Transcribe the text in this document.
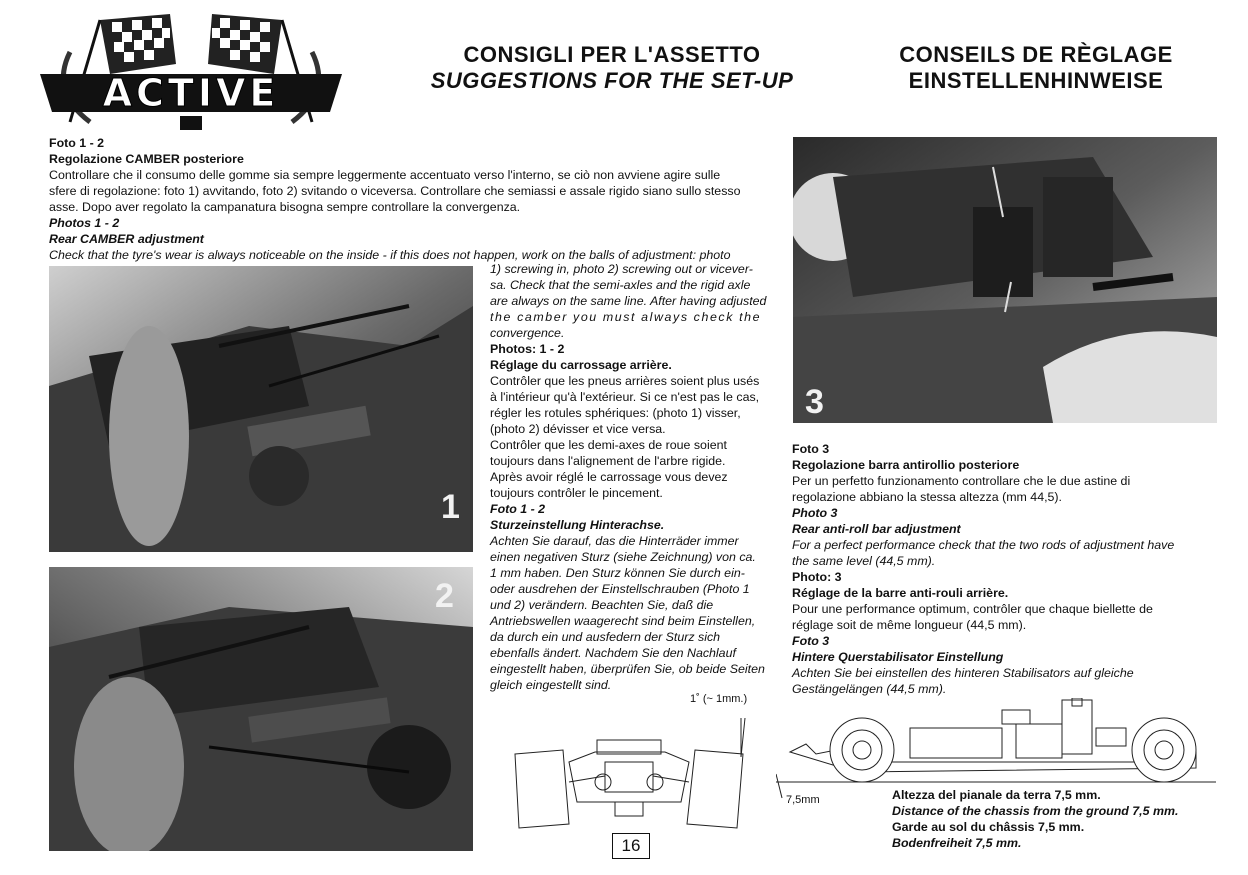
ACTIVE
CONSIGLI PER L'ASSETTO
SUGGESTIONS FOR THE SET-UP
CONSEILS DE RÈGLAGE
EINSTELLENHINWEISE

Foto 1 - 2

Regolazione CAMBER posteriore

Controllare che il consumo delle gomme sia sempre leggermente accentuato verso l'interno, se ciò non avviene agire sulle

sfere di regolazione: foto 1) avvitando, foto 2) svitando o viceversa. Controllare che semiassi e assale rigido siano sullo stesso

asse. Dopo aver regolato la campanatura bisogna sempre controllare la convergenza.

Photos 1 - 2

Rear CAMBER adjustment

Check that the tyre's wear is always noticeable on the inside - if this does not happen, work on the balls of adjustment: photo

1
2

1) screwing in, photo 2) screwing out or vicever-

sa. Check that the semi-axles and the rigid axle

are always on the same line. After having adjusted

the camber you must always check the

convergence.

Photos: 1 - 2

Réglage du carrossage arrière.

Contrôler que les pneus arrières soient plus usés

à l'intérieur qu'à l'extérieur. Si ce n'est pas le cas,

régler les rotules sphériques: (photo 1) visser,

(photo 2) dévisser et vice versa.

Contrôler que les demi-axes de roue soient

toujours dans l'alignement de l'arbre rigide.

Après avoir réglé le carrossage vous devez

toujours contrôler le pincement.

Foto 1 - 2

Sturzeinstellung Hinterachse.

Achten Sie darauf, das die Hinterräder immer

einen negativen Sturz (siehe Zeichnung) von ca.

1 mm haben. Den Sturz können Sie durch ein-

oder ausdrehen der Einstellschrauben (Photo 1

und 2) verändern. Beachten Sie, daß die

Antriebswellen waagerecht sind beim Einstellen,

da durch ein und ausfedern der Sturz sich

ebenfalls ändert. Nachdem Sie den Nachlauf

eingestellt haben, überprüfen Sie, ob beide Seiten

gleich eingestellt sind.

1˚ (~ 1mm.)
16
3

Foto 3

Regolazione barra antirollio posteriore

Per un perfetto funzionamento controllare che le due astine di

regolazione abbiano la stessa altezza (mm 44,5).

Photo 3

Rear anti-roll bar adjustment

For a perfect performance check that the two rods of adjustment have

the same level (44,5 mm).

Photo: 3

Réglage de la barre anti-rouli arrière.

Pour une performance optimum, contrôler que chaque biellette de

réglage soit de même longueur (44,5 mm).

Foto 3

Hintere Querstabilisator Einstellung

Achten Sie bei einstellen des hinteren Stabilisators auf gleiche

Gestängelängen (44,5 mm).

7,5mm	Altezza del pianale da terra 7,5 mm.

Distance of the chassis from the ground 7,5 mm.

Garde au sol du châssis 7,5 mm.

Bodenfreiheit 7,5 mm.
